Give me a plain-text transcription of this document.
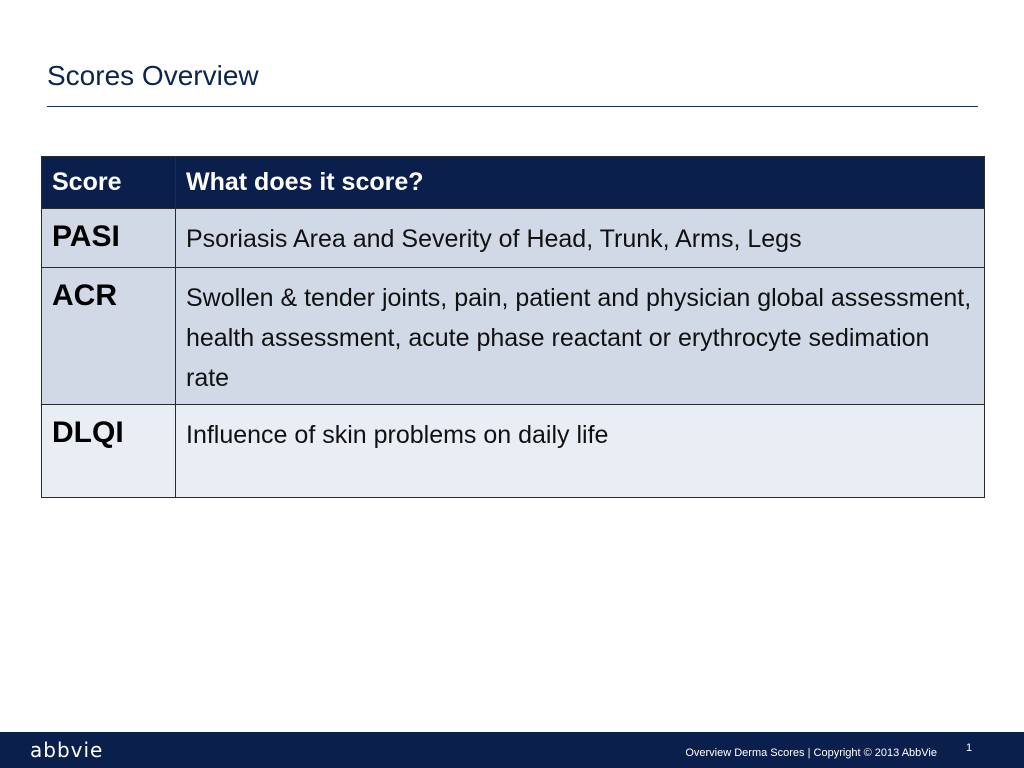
Scores Overview
Score	What does it score?
PASI	Psoriasis Area and Severity of Head, Trunk, Arms, Legs
ACR	Swollen & tender joints, pain, patient and physician global assessment, health assessment, acute phase reactant or erythrocyte sedimation rate
DLQI	Influence of skin problems on daily life
abbvie	Overview Derma Scores | Copyright © 2013 AbbVie	1
